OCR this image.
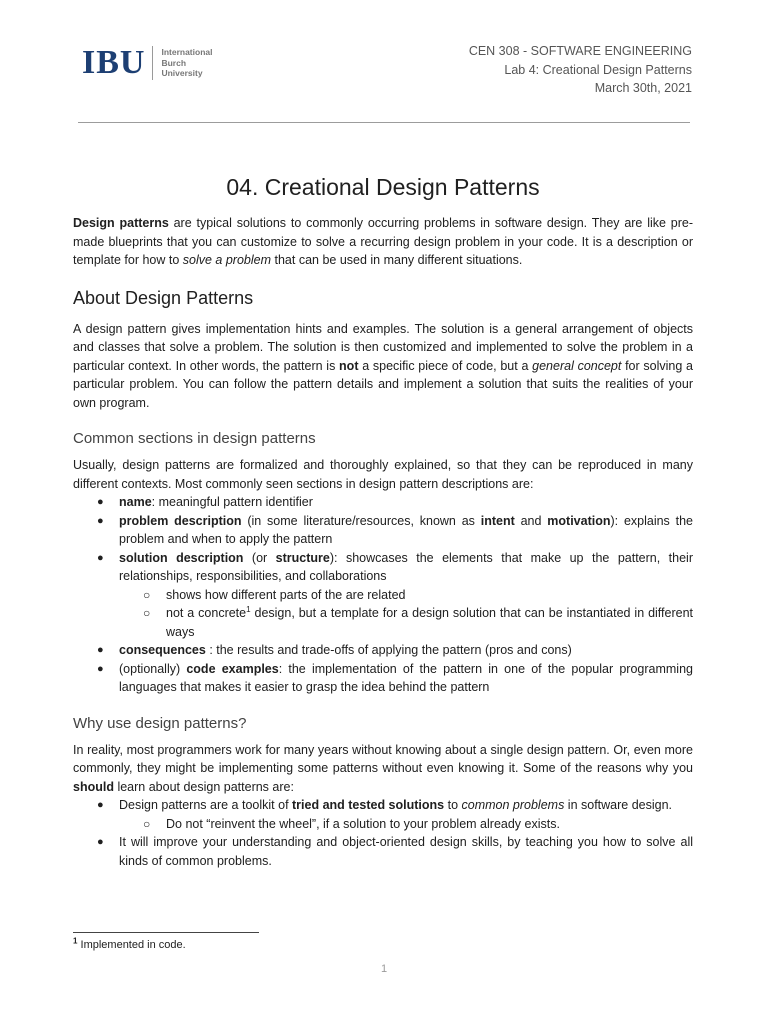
IBU International
Burch
University
CEN 308 - SOFTWARE ENGINEERING
Lab 4: Creational Design Patterns
March 30th, 2021
04. Creational Design Patterns

Design patterns are typical solutions to commonly occurring problems in software design. They are like pre-made blueprints that you can customize to solve a recurring design problem in your code. It is a description or template for how to solve a problem that can be used in many different situations.

About Design Patterns

A design pattern gives implementation hints and examples. The solution is a general arrangement of objects and classes that solve a problem. The solution is then customized and implemented to solve the problem in a particular context. In other words, the pattern is not a specific piece of code, but a general concept for solving a particular problem. You can follow the pattern details and implement a solution that suits the realities of your own program.

Common sections in design patterns

Usually, design patterns are formalized and thoroughly explained, so that they can be reproduced in many different contexts. Most commonly seen sections in design pattern descriptions are:

● name: meaningful pattern identifier
● problem description (in some literature/resources, known as intent and motivation): explains the problem and when to apply the pattern
● solution description (or structure): showcases the elements that make up the pattern, their relationships, responsibilities, and collaborations
○ shows how different parts of the are related
○ not a concrete$^1$ design, but a template for a design solution that can be instantiated in different ways
● consequences : the results and trade-offs of applying the pattern (pros and cons)
● (optionally) code examples: the implementation of the pattern in one of the popular programming languages that makes it easier to grasp the idea behind the pattern
Why use design patterns?

In reality, most programmers work for many years without knowing about a single design pattern. Or, even more commonly, they might be implementing some patterns without even knowing it. Some of the reasons why you should learn about design patterns are:

● Design patterns are a toolkit of tried and tested solutions to common problems in software design.
○ Do not “reinvent the wheel”, if a solution to your problem already exists.
● It will improve your understanding and object-oriented design skills, by teaching you how to solve all kinds of common problems.
$^1$ Implemented in code.
1
